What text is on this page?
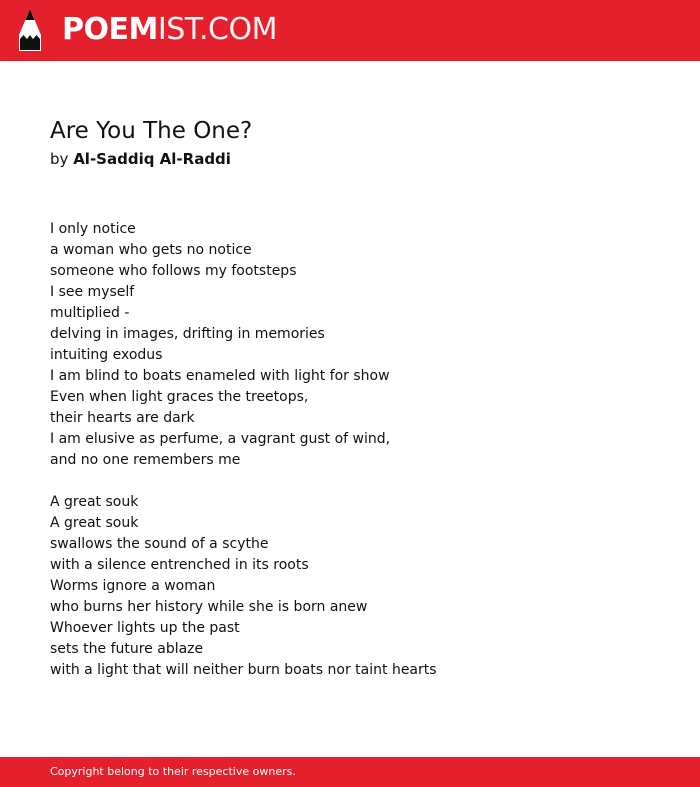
POEMIST.COM
Are You The One?
by Al-Saddiq Al-Raddi
I only notice
a woman who gets no notice
someone who follows my footsteps
I see myself
multiplied -
delving in images, drifting in memories
intuiting exodus
I am blind to boats enameled with light for show
Even when light graces the treetops,
their hearts are dark
I am elusive as perfume, a vagrant gust of wind,
and no one remembers me
A great souk
A great souk
swallows the sound of a scythe
with a silence entrenched in its roots
Worms ignore a woman
who burns her history while she is born anew
Whoever lights up the past
sets the future ablaze
with a light that will neither burn boats nor taint hearts
Copyright belong to their respective owners.
